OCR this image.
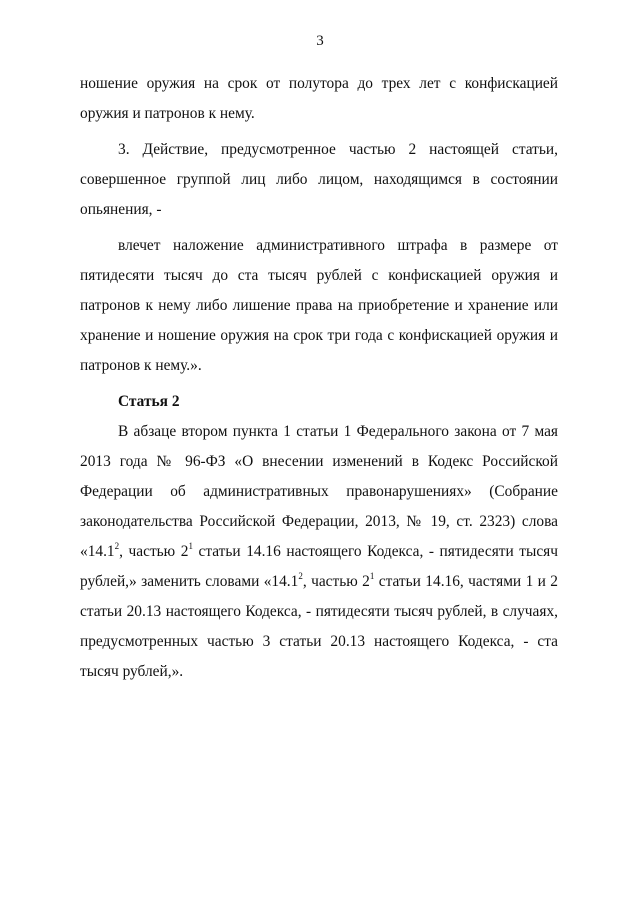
3

ношение оружия на срок от полутора до трех лет с конфискацией оружия и патронов к нему.

3. Действие, предусмотренное частью 2 настоящей статьи, совершенное группой лиц либо лицом, находящимся в состоянии опьянения, -

влечет наложение административного штрафа в размере от пятидесяти тысяч до ста тысяч рублей с конфискацией оружия и патронов к нему либо лишение права на приобретение и хранение или хранение и ношение оружия на срок три года с конфискацией оружия и патронов к нему.».

Статья 2

В абзаце втором пункта 1 статьи 1 Федерального закона от 7 мая 2013 года № 96-ФЗ «О внесении изменений в Кодекс Российской Федерации об административных правонарушениях» (Собрание законодательства Российской Федерации, 2013, № 19, ст. 2323) слова «14.1$^2$, частью $2^1$ статьи 14.16 настоящего Кодекса, - пятидесяти тысяч рублей,» заменить словами «14.1$^2$, частью $2^1$ статьи 14.16, частями 1 и 2 статьи 20.13 настоящего Кодекса, - пятидесяти тысяч рублей, в случаях, предусмотренных частью 3 статьи 20.13 настоящего Кодекса, - ста тысяч рублей,».
